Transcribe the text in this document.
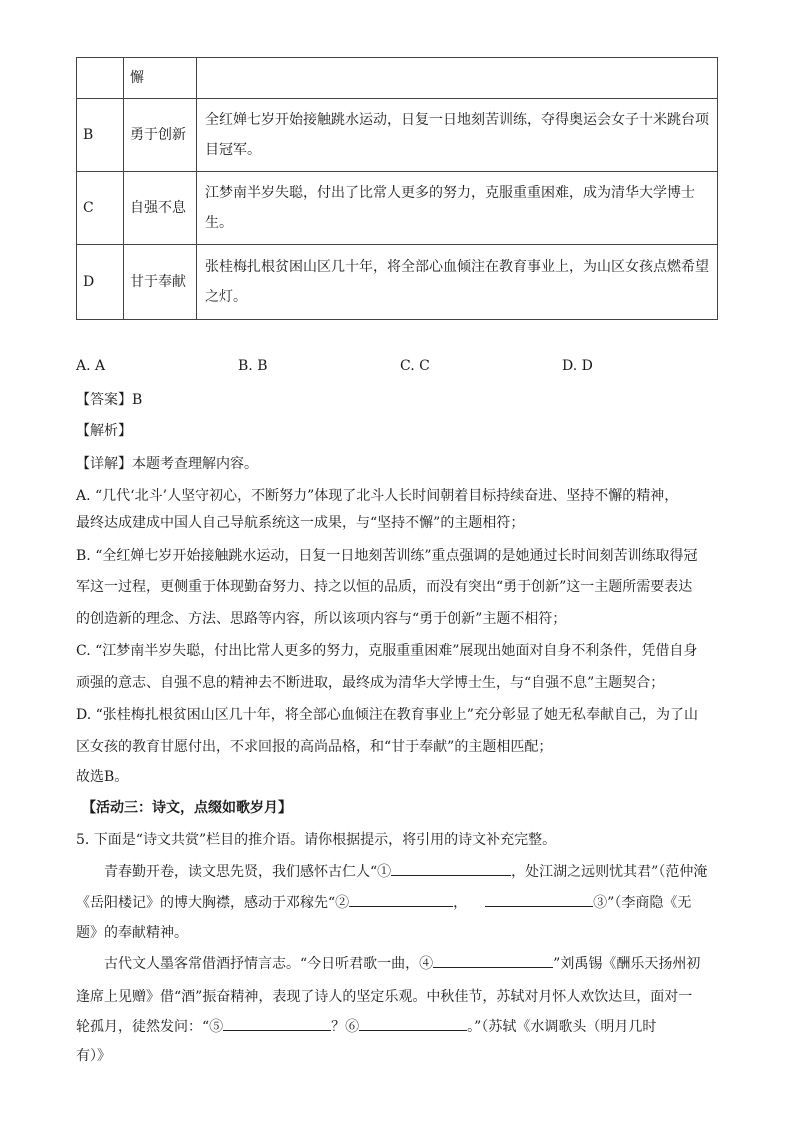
	懈	
B	勇于创新	全红婵七岁开始接触跳水运动，日复一日地刻苦训练，夺得奥运会女子十米跳台项目冠军。
C	自强不息	江梦南半岁失聪，付出了比常人更多的努力，克服重重困难，成为清华大学博士生。
D	甘于奉献	张桂梅扎根贫困山区几十年，将全部心血倾注在教育事业上，为山区女孩点燃希望之灯。
A. A	B. B	C. C	D. D
【答案】B
【解析】
【详解】本题考查理解内容。
A. “几代‘北斗’人坚守初心，不断努力”体现了北斗人长时间朝着目标持续奋进、坚持不懈的精神，
最终达成建成中国人自己导航系统这一成果，与“坚持不懈”的主题相符；
B. “全红婵七岁开始接触跳水运动，日复一日地刻苦训练”重点强调的是她通过长时间刻苦训练取得冠
军这一过程，更侧重于体现勤奋努力、持之以恒的品质，而没有突出“勇于创新”这一主题所需要表达
的创造新的理念、方法、思路等内容，所以该项内容与“勇于创新”主题不相符；
C. “江梦南半岁失聪，付出比常人更多的努力，克服重重困难”展现出她面对自身不利条件，凭借自身
顽强的意志、自强不息的精神去不断进取，最终成为清华大学博士生，与“自强不息”主题契合；
D. “张桂梅扎根贫困山区几十年，将全部心血倾注在教育事业上”充分彰显了她无私奉献自己，为了山
区女孩的教育甘愿付出，不求回报的高尚品格，和“甘于奉献”的主题相匹配；
故选B。
【活动三：诗文，点缀如歌岁月】
5. 下面是“诗文共赏”栏目的推介语。请你根据提示，将引用的诗文补充完整。
青春勤开卷，读文思先贤，我们感怀古仁人“①	，处江湖之远则忧其君”（范仲淹
《岳阳楼记》的博大胸襟，感动于邓稼先“②	，	③”（李商隐《无
题》的奉献精神。
古代文人墨客常借酒抒情言志。“今日听君歌一曲，④	”刘禹锡《酬乐天扬州初
逢席上见赠》借“酒”振奋精神，表现了诗人的坚定乐观。中秋佳节，苏轼对月怀人欢饮达旦，面对一
轮孤月，徒然发问：“⑤	？⑥	。”（苏轼《水调歌头（明月几时
有）》
